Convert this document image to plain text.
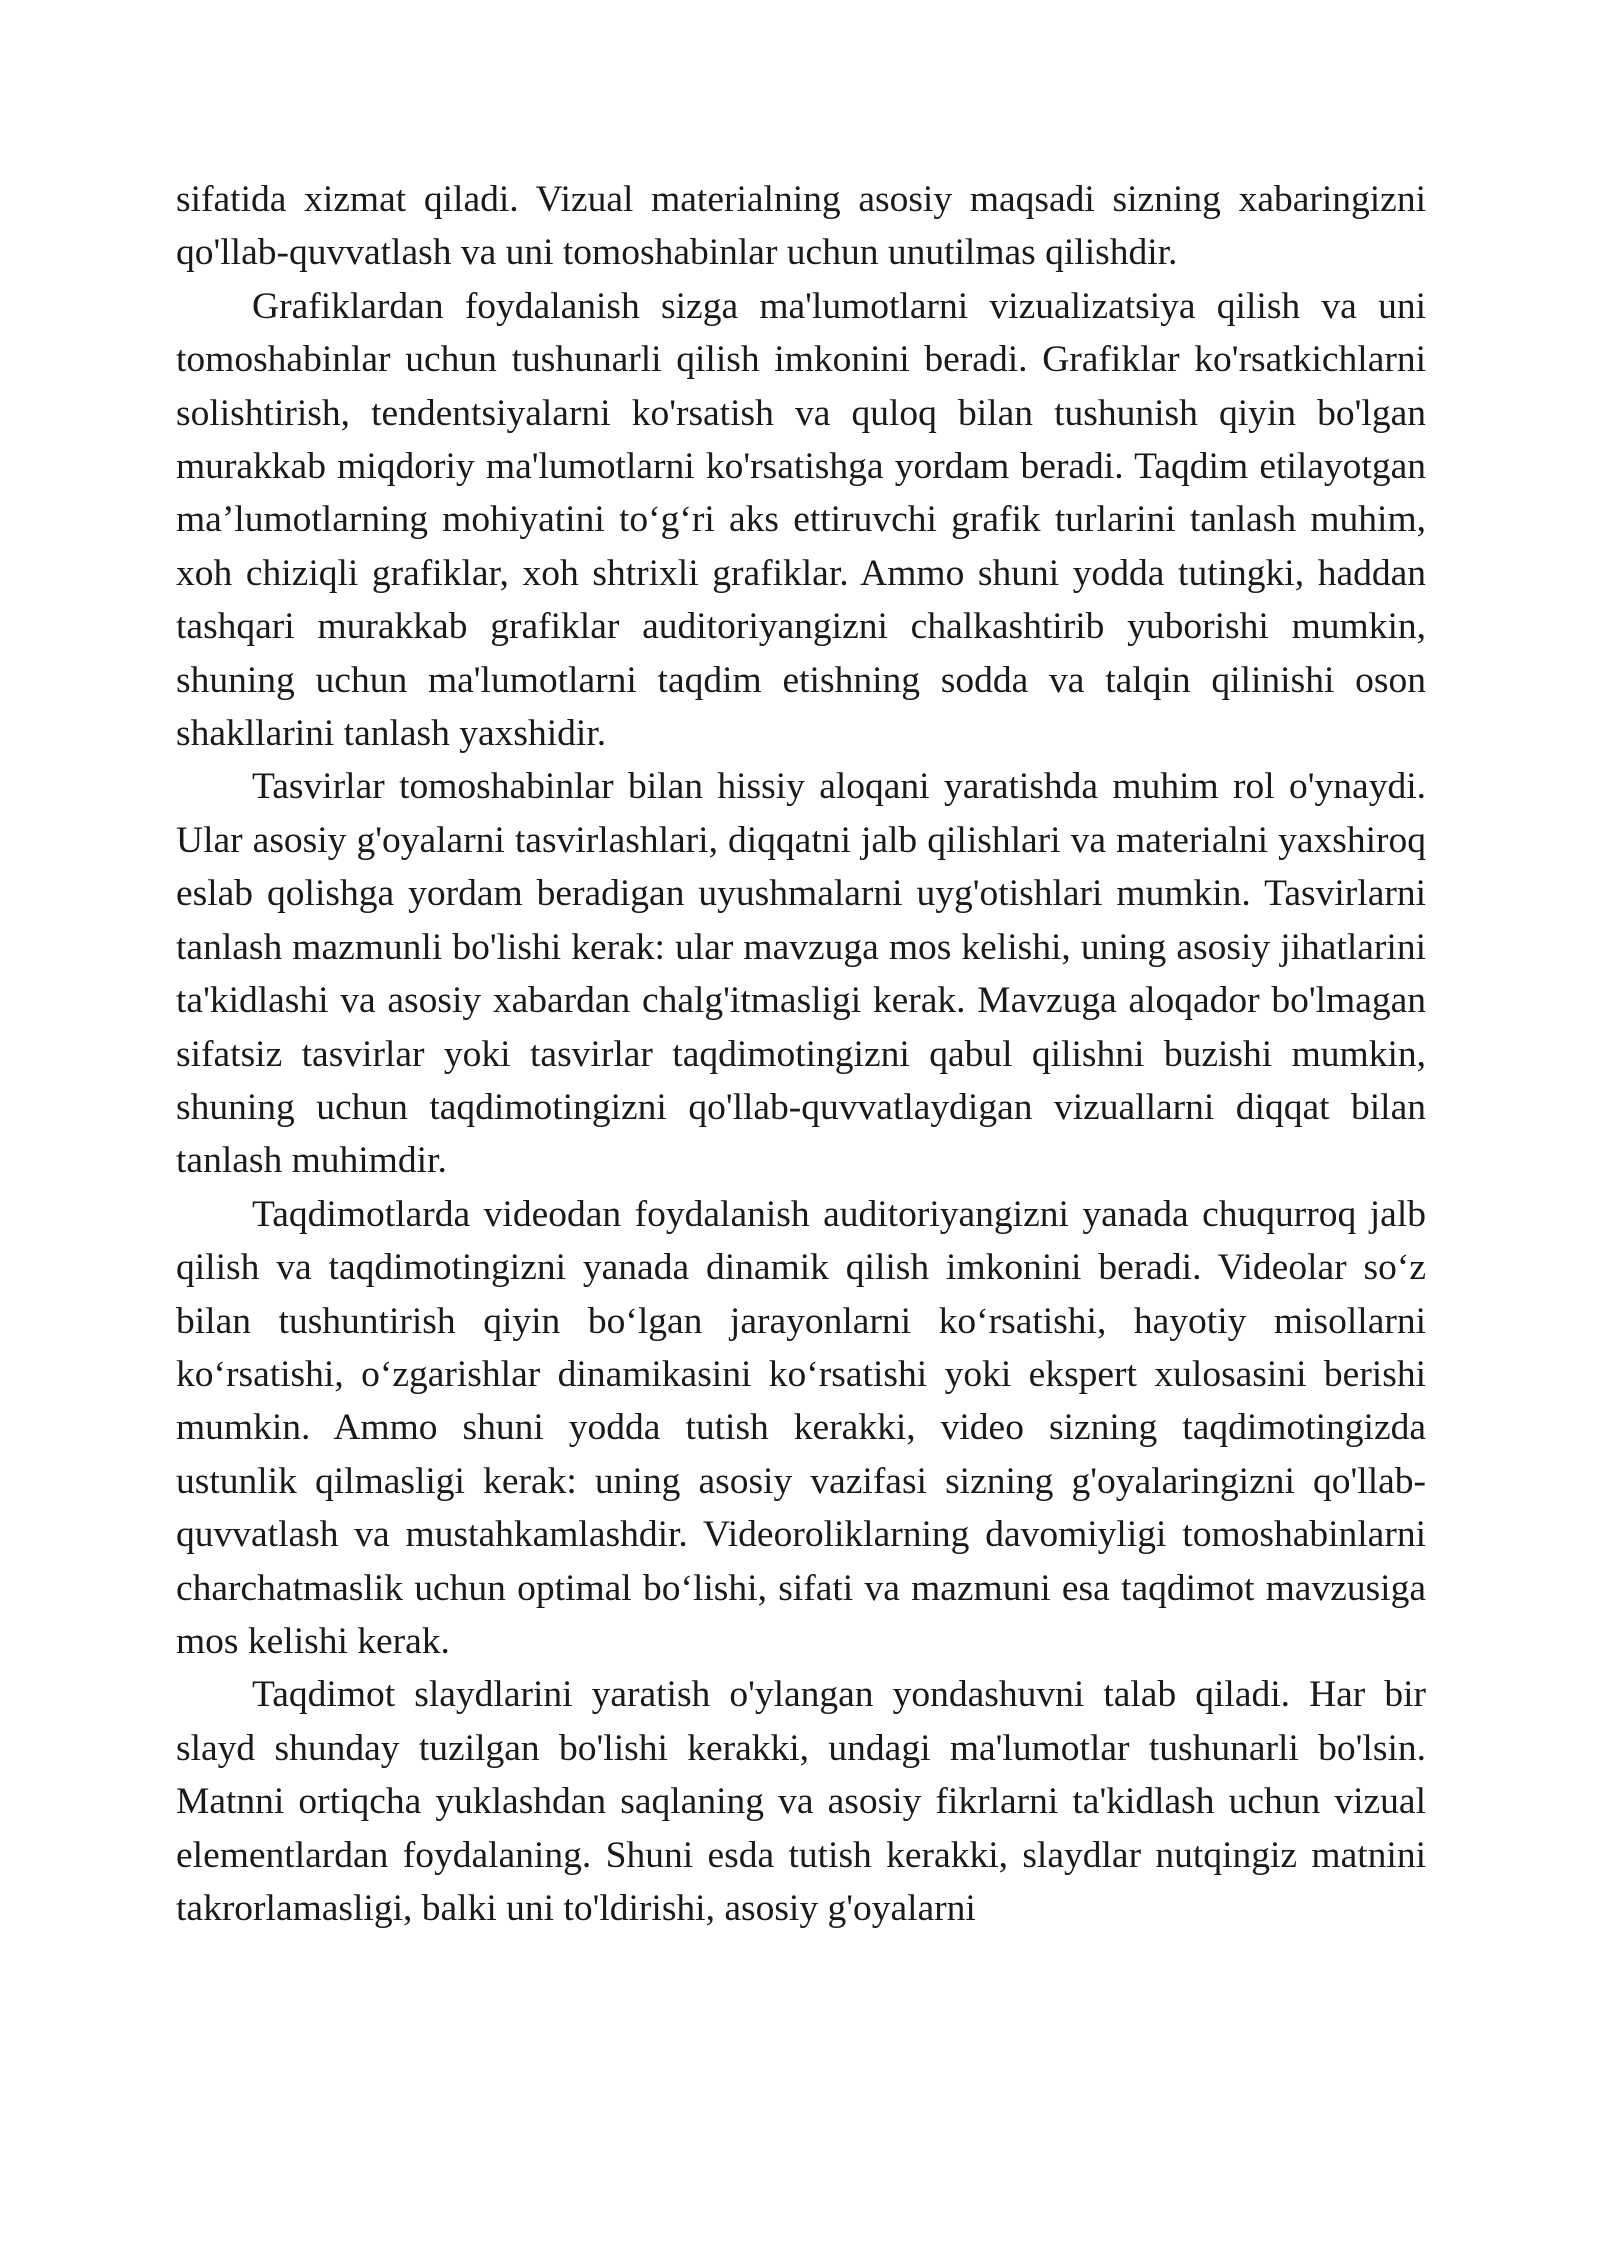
sifatida xizmat qiladi. Vizual materialning asosiy maqsadi sizning xabaringizni qo'llab-quvvatlash va uni tomoshabinlar uchun unutilmas qilishdir.

Grafiklardan foydalanish sizga ma'lumotlarni vizualizatsiya qilish va uni tomoshabinlar uchun tushunarli qilish imkonini beradi. Grafiklar ko'rsatkichlarni solishtirish, tendentsiyalarni ko'rsatish va quloq bilan tushunish qiyin bo'lgan murakkab miqdoriy ma'lumotlarni ko'rsatishga yordam beradi. Taqdim etilayotgan ma’lumotlarning mohiyatini to‘g‘ri aks ettiruvchi grafik turlarini tanlash muhim, xoh chiziqli grafiklar, xoh shtrixli grafiklar. Ammo shuni yodda tutingki, haddan tashqari murakkab grafiklar auditoriyangizni chalkashtirib yuborishi mumkin, shuning uchun ma'lumotlarni taqdim etishning sodda va talqin qilinishi oson shakllarini tanlash yaxshidir.

Tasvirlar tomoshabinlar bilan hissiy aloqani yaratishda muhim rol o'ynaydi. Ular asosiy g'oyalarni tasvirlashlari, diqqatni jalb qilishlari va materialni yaxshiroq eslab qolishga yordam beradigan uyushmalarni uyg'otishlari mumkin. Tasvirlarni tanlash mazmunli bo'lishi kerak: ular mavzuga mos kelishi, uning asosiy jihatlarini ta'kidlashi va asosiy xabardan chalg'itmasligi kerak. Mavzuga aloqador bo'lmagan sifatsiz tasvirlar yoki tasvirlar taqdimotingizni qabul qilishni buzishi mumkin, shuning uchun taqdimotingizni qo'llab-quvvatlaydigan vizuallarni diqqat bilan tanlash muhimdir.

Taqdimotlarda videodan foydalanish auditoriyangizni yanada chuqurroq jalb qilish va taqdimotingizni yanada dinamik qilish imkonini beradi. Videolar so‘z bilan tushuntirish qiyin bo‘lgan jarayonlarni ko‘rsatishi, hayotiy misollarni ko‘rsatishi, o‘zgarishlar dinamikasini ko‘rsatishi yoki ekspert xulosasini berishi mumkin. Ammo shuni yodda tutish kerakki, video sizning taqdimotingizda ustunlik qilmasligi kerak: uning asosiy vazifasi sizning g'oyalaringizni qo'llab-quvvatlash va mustahkamlashdir. Videoroliklarning davomiyligi tomoshabinlarni charchatmaslik uchun optimal bo‘lishi, sifati va mazmuni esa taqdimot mavzusiga mos kelishi kerak.

Taqdimot slaydlarini yaratish o'ylangan yondashuvni talab qiladi. Har bir slayd shunday tuzilgan bo'lishi kerakki, undagi ma'lumotlar tushunarli bo'lsin. Matnni ortiqcha yuklashdan saqlaning va asosiy fikrlarni ta'kidlash uchun vizual elementlardan foydalaning. Shuni esda tutish kerakki, slaydlar nutqingiz matnini takrorlamasligi, balki uni to'ldirishi, asosiy g'oyalarni
